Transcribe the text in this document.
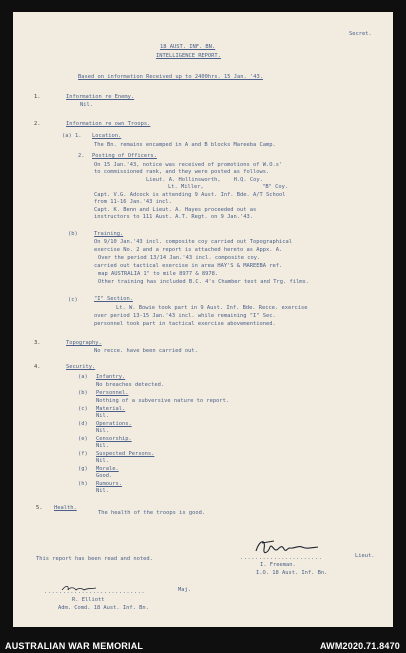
Secret.
18 AUST. INF. BN.
INTELLIGENCE REPORT.
Based on information Received up to 2400hrs. 15 Jan. '43.
1.	Information re Enemy.
Nil.
2.	Information re own Troops.
(a) 1. Location.
The Bn. remains encamped in A and B blocks Mareeba Camp.
2. Posting of Officers.
On 15 Jan.'43, notice was received of promotions of W.O.s'
to commissioned rank, and they were posted as follows.
Lieut. A. Hollinsworth,    H.Q. Coy.
Lt. Miller,                  "B" Coy.
Capt. V.G. Adcock is attending 9 Aust. Inf. Bde. A/T School
from 11-16 Jan.'43 incl.
Capt. K. Benn and Lieut. A. Hayes proceeded out as
instructors to 111 Aust. A.T. Regt. on 9 Jan.'43.
(b)	Training.
On 9/10 Jan.'43 incl. composite coy carried out Topographical
exercise No. 2 and a report is attached hereto as Appx. A.
Over the period 13/14 Jan.'43 incl. composite coy.
carried out tactical exercise in area HAY'S & MAREEBA ref.
map AUSTRALIA 1" to mile 8977 & 8978.
Other training has included B.C. 4's Chamber test and Trg. films.
(c)	"I" Section.
Lt. W. Bowie took part in 9 Aust. Inf. Bde. Recce. exercise
over period 13-15 Jan.'43 incl. while remaining "I" Sec.
personnel took part in tactical exercise abovementioned.
3.	Topography.
No recce. have been carried out.
4.	Security.
(a) Infantry.
No breaches detected.
(b) Personnel.
Nothing of a subversive nature to report.
(c) Material.
Nil.
(d) Operations.
Nil.
(e) Censorship.
Nil.
(f) Suspected Persons.
Nil.
(g) Morale.
Good.
(h) Rumours.
Nil.
5. Health.
The health of the troops is good.
This report has been read and noted.	......................	Lieut.
I. Freeman.
I.O. 18 Aust. Inf. Bn.
...........................	Maj.
R. Elliott
Adm. Comd. 18 Aust. Inf. Bn.
AUSTRALIAN WAR MEMORIAL	AWM2020.71.8470
